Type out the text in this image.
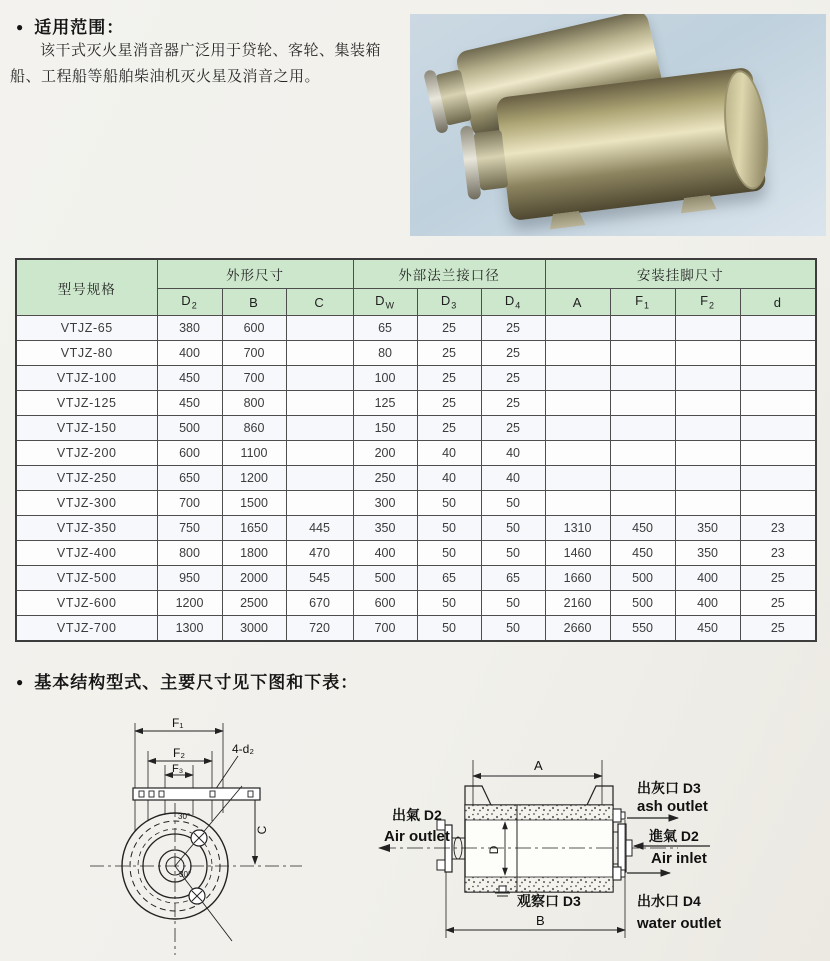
● 适用范围：

该干式灭火星消音器广泛用于贷轮、客轮、集装箱船、工程船等船舶柴油机灭火星及消音之用。

型号规格	外形尺寸			外部法兰接口径			安装挂脚尺寸			
	$D_2$	B	C	$D_W$	$D_3$	$D_4$	A	$F_1$	$F_2$	d
VTJZ-65	380	600		65	25	25				
VTJZ-80	400	700		80	25	25				
VTJZ-100	450	700		100	25	25				
VTJZ-125	450	800		125	25	25				
VTJZ-150	500	860		150	25	25				
VTJZ-200	600	1100		200	40	40				
VTJZ-250	650	1200		250	40	40				
VTJZ-300	700	1500		300	50	50				
VTJZ-350	750	1650	445	350	50	50	1310	450	350	23
VTJZ-400	800	1800	470	400	50	50	1460	450	350	23
VTJZ-500	950	2000	545	500	65	65	1660	500	400	25
VTJZ-600	1200	2500	670	600	50	50	2160	500	400	25
VTJZ-700	1300	3000	720	700	50	50	2660	550	450	25
● 基本结构型式、主要尺寸见下图和下表：
F₁
F₂
F₃
4-d₂
C
30°
30°
A
D
B
出氣 D2
Air outlet
出灰口 D3
ash outlet
進氣 D2
Air inlet
观察口 D3	出水口 D4
water outlet
